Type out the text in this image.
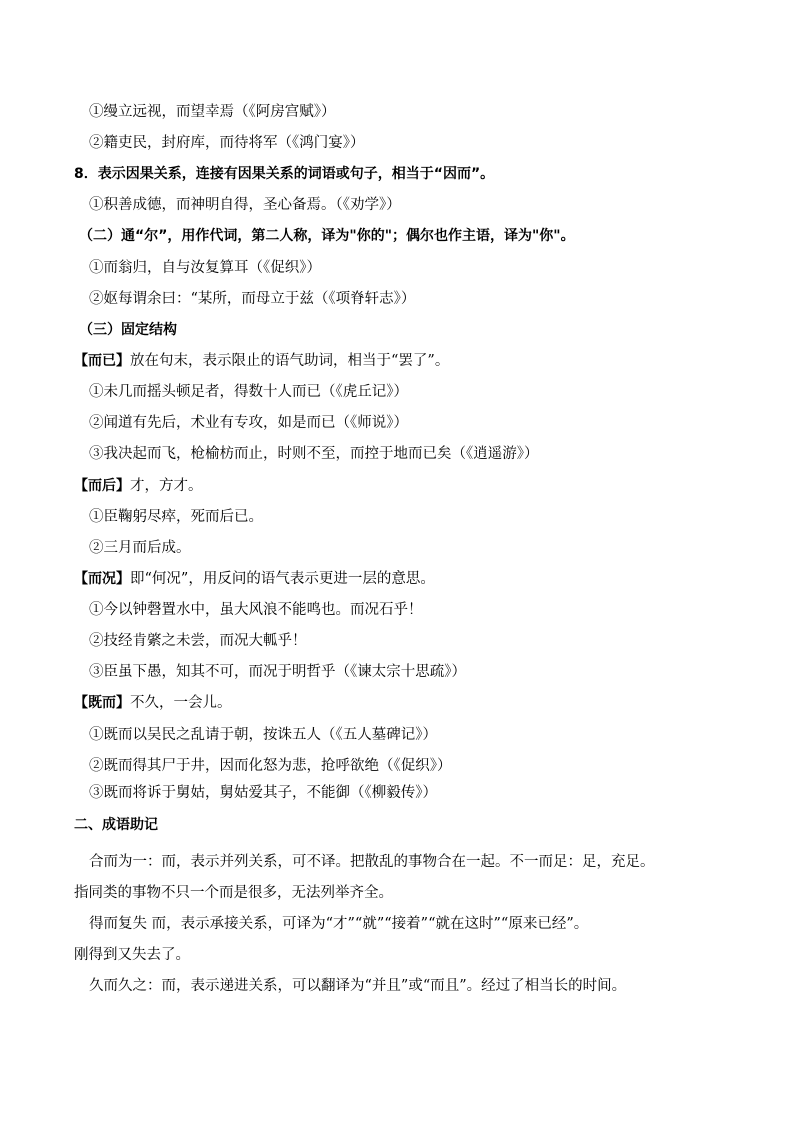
①缦立远视，而望幸焉（《阿房宫赋》）
②籍吏民，封府库，而待将军（《鸿门宴》）
8．表示因果关系，连接有因果关系的词语或句子，相当于“因而”。
①积善成德，而神明自得，圣心备焉。（《劝学》）
（二）通“尔”，用作代词，第二人称，译为"你的"；偶尔也作主语，译为"你"。
①而翁归，自与汝复算耳（《促织》）
②妪每谓余曰：“某所，而母立于兹（《项脊轩志》）
（三）固定结构
【而已】放在句末，表示限止的语气助词，相当于“罢了”。
①未几而摇头顿足者，得数十人而已（《虎丘记》）
②闻道有先后，术业有专攻，如是而已（《师说》）
③我决起而飞，枪榆枋而止，时则不至，而控于地而已矣（《逍遥游》）
【而后】才，方才。
①臣鞠躬尽瘁，死而后已。
②三月而后成。
【而况】即“何况”，用反问的语气表示更进一层的意思。
①今以钟磬置水中，虽大风浪不能鸣也。而况石乎！
②技经肯綮之未尝，而况大軱乎！
③臣虽下愚，知其不可，而况于明哲乎（《谏太宗十思疏》）
【既而】不久，一会儿。
①既而以吴民之乱请于朝，按诛五人（《五人墓碑记》）
②既而得其尸于井，因而化怒为悲，抢呼欲绝（《促织》）
③既而将诉于舅姑，舅姑爱其子，不能御（《柳毅传》）
二、成语助记
合而为一：而，表示并列关系，可不译。把散乱的事物合在一起。不一而足：足，充足。
指同类的事物不只一个而是很多，无法列举齐全。
得而复失 而，表示承接关系，可译为“才”“就”“接着”“就在这时”“原来已经”。
刚得到又失去了。
久而久之：而，表示递进关系，可以翻译为“并且”或“而且”。经过了相当长的时间。
